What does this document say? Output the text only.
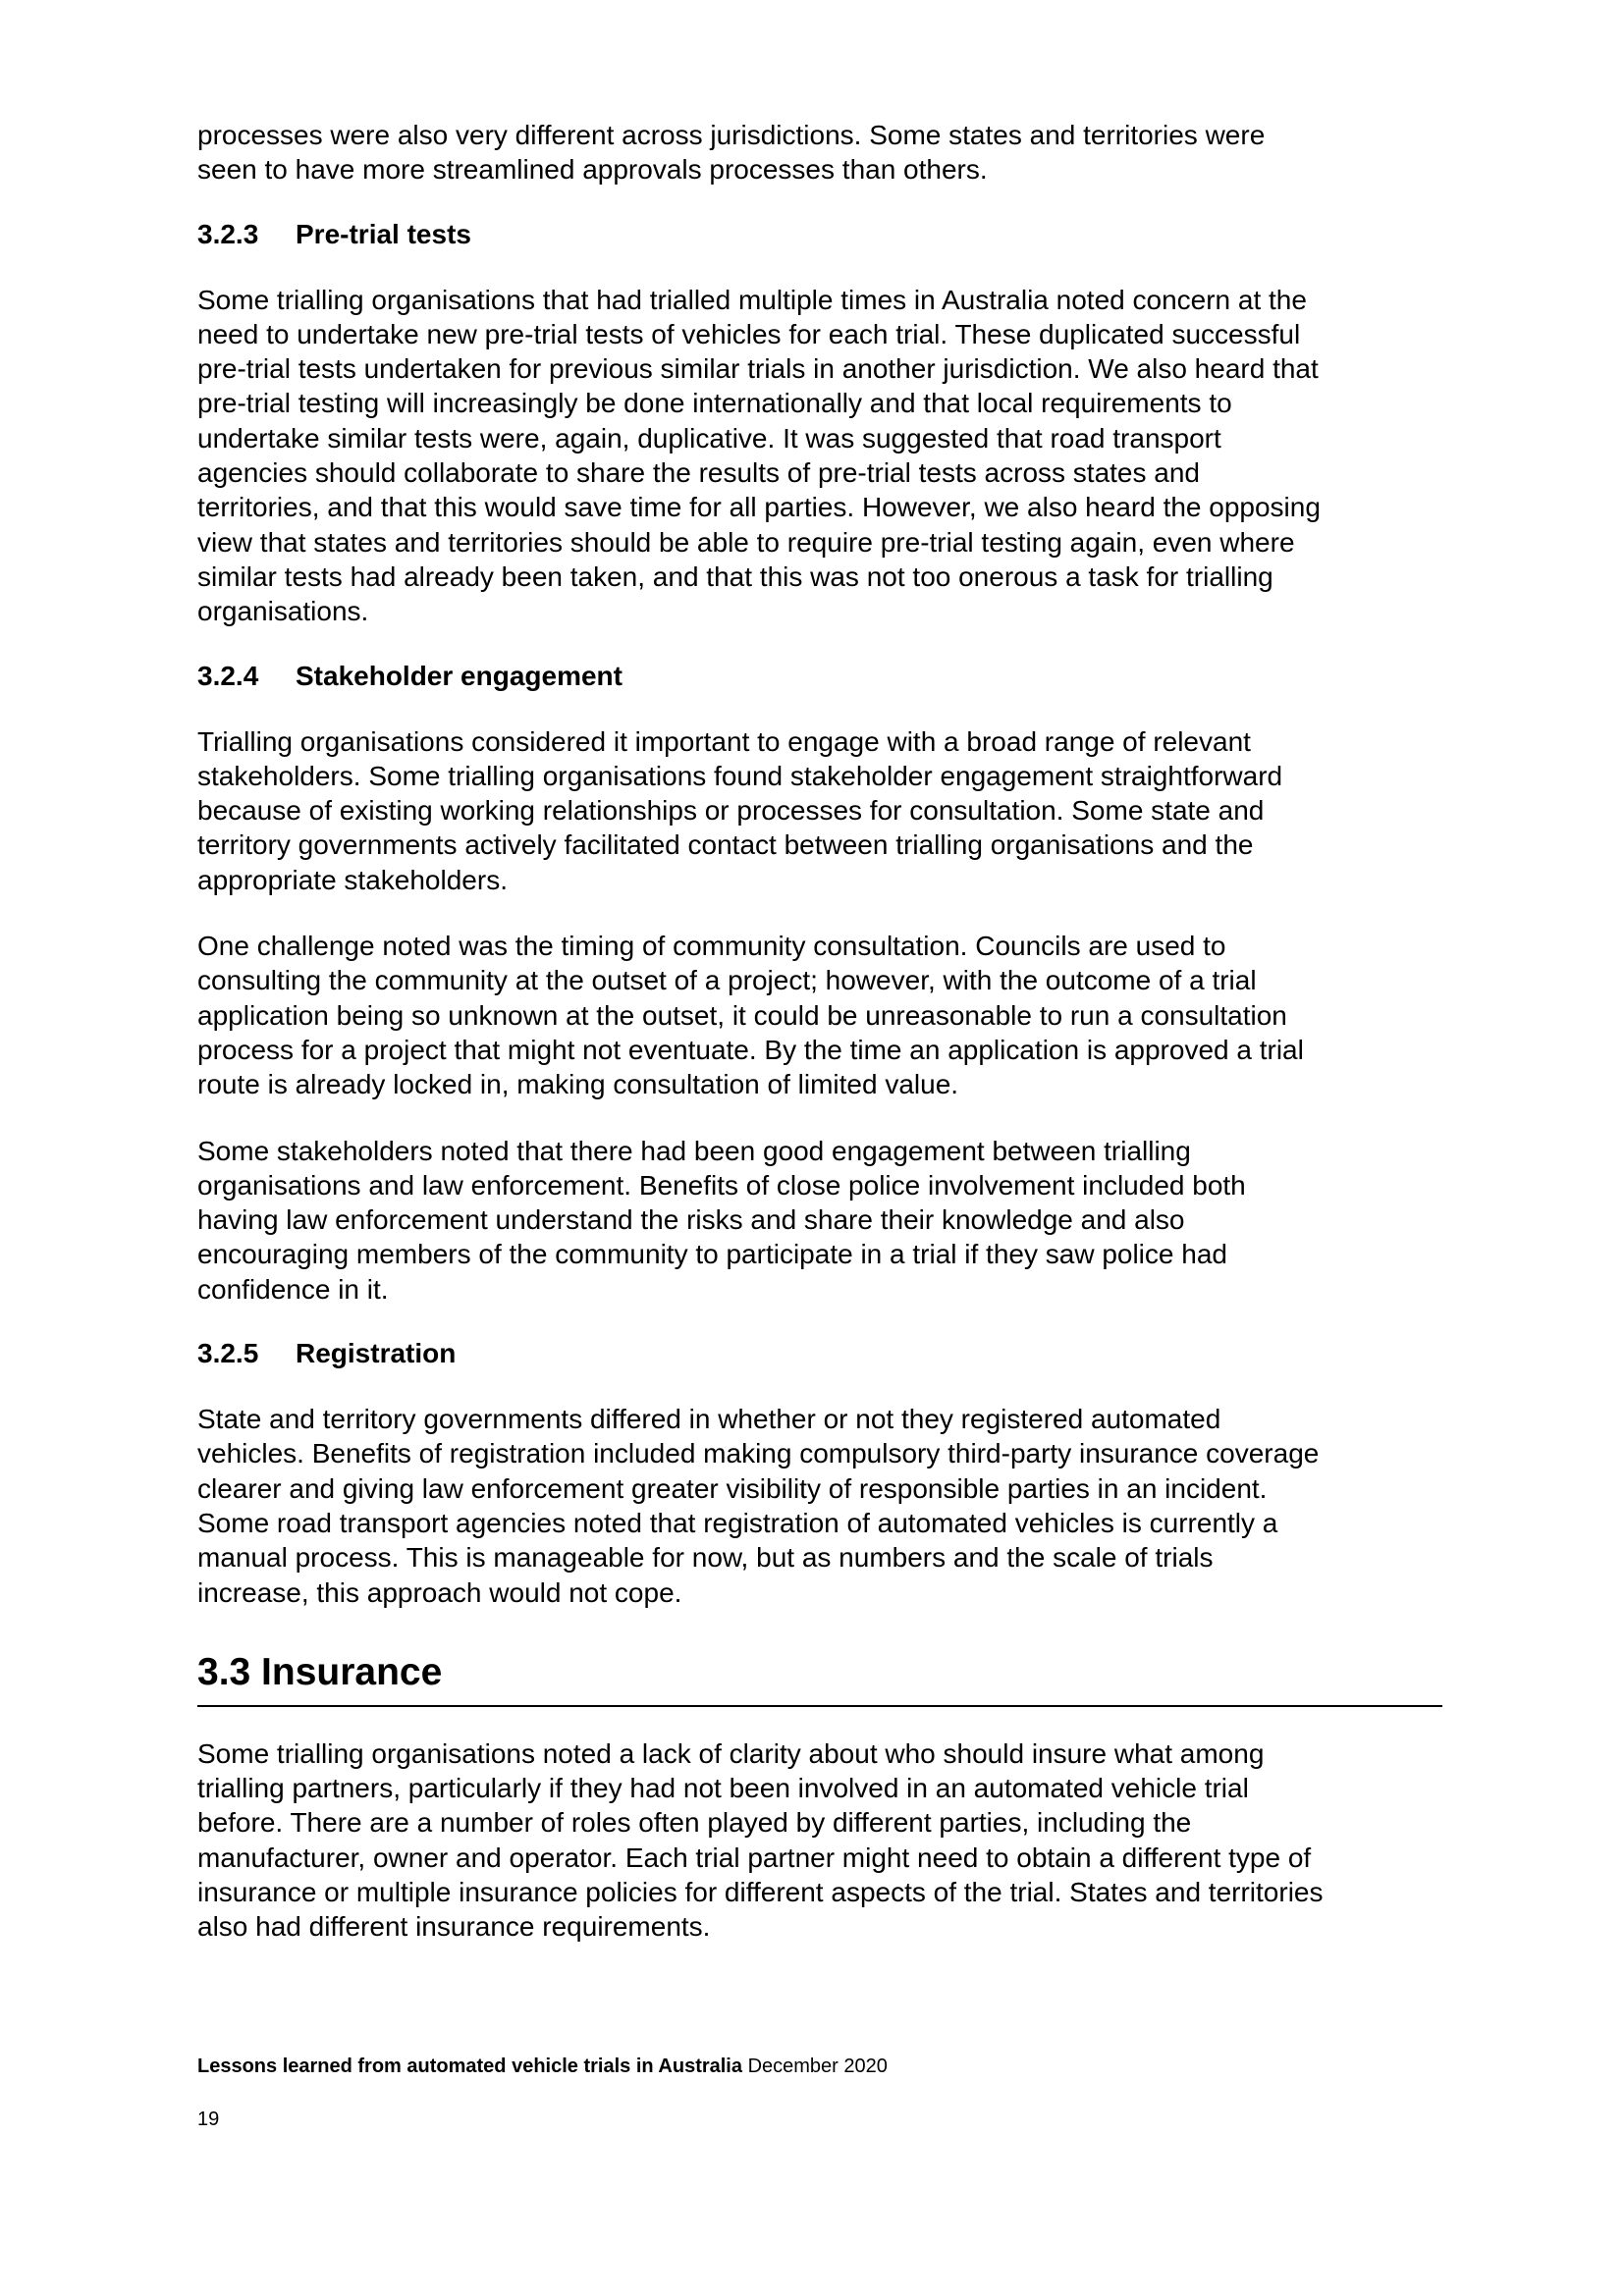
processes were also very different across jurisdictions. Some states and territories were
seen to have more streamlined approvals processes than others.

3.2.3	Pre-trial tests

Some trialling organisations that had trialled multiple times in Australia noted concern at the
need to undertake new pre-trial tests of vehicles for each trial. These duplicated successful
pre-trial tests undertaken for previous similar trials in another jurisdiction. We also heard that
pre-trial testing will increasingly be done internationally and that local requirements to
undertake similar tests were, again, duplicative. It was suggested that road transport
agencies should collaborate to share the results of pre-trial tests across states and
territories, and that this would save time for all parties. However, we also heard the opposing
view that states and territories should be able to require pre-trial testing again, even where
similar tests had already been taken, and that this was not too onerous a task for trialling
organisations.

3.2.4	Stakeholder engagement

Trialling organisations considered it important to engage with a broad range of relevant
stakeholders. Some trialling organisations found stakeholder engagement straightforward
because of existing working relationships or processes for consultation. Some state and
territory governments actively facilitated contact between trialling organisations and the
appropriate stakeholders.

One challenge noted was the timing of community consultation. Councils are used to
consulting the community at the outset of a project; however, with the outcome of a trial
application being so unknown at the outset, it could be unreasonable to run a consultation
process for a project that might not eventuate. By the time an application is approved a trial
route is already locked in, making consultation of limited value.

Some stakeholders noted that there had been good engagement between trialling
organisations and law enforcement. Benefits of close police involvement included both
having law enforcement understand the risks and share their knowledge and also
encouraging members of the community to participate in a trial if they saw police had
confidence in it.

3.2.5	Registration

State and territory governments differed in whether or not they registered automated
vehicles. Benefits of registration included making compulsory third-party insurance coverage
clearer and giving law enforcement greater visibility of responsible parties in an incident.
Some road transport agencies noted that registration of automated vehicles is currently a
manual process. This is manageable for now, but as numbers and the scale of trials
increase, this approach would not cope.

3.3 Insurance

Some trialling organisations noted a lack of clarity about who should insure what among
trialling partners, particularly if they had not been involved in an automated vehicle trial
before. There are a number of roles often played by different parties, including the
manufacturer, owner and operator. Each trial partner might need to obtain a different type of
insurance or multiple insurance policies for different aspects of the trial. States and territories
also had different insurance requirements.

Lessons learned from automated vehicle trials in Australia December 2020
19
